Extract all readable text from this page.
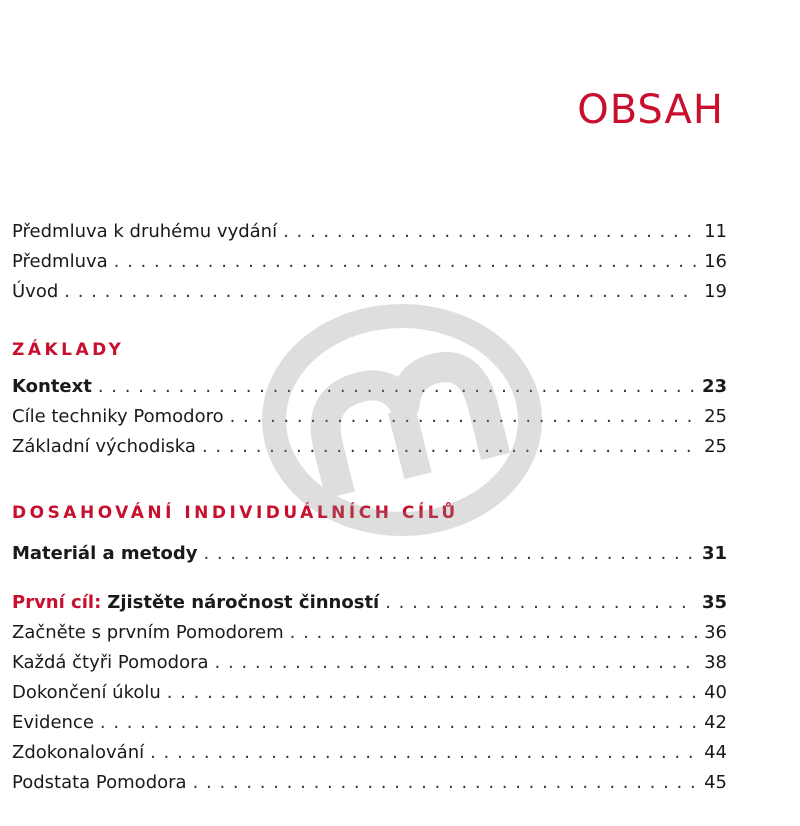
OBSAH
Předmluva k druhému vydání . . .	11
Předmluva . . .	16
Úvod . . .	19
ZÁKLADY
Kontext . . .	23
Cíle techniky Pomodoro . . .	25
Základní východiska . . .	25
DOSAHOVÁNÍ INDIVIDUÁLNÍCH CÍLŮ
Materiál a metody . . .	31
První cíl: Zjistěte náročnost činností . . .	35
Začněte s prvním Pomodorem . . .	36
Každá čtyři Pomodora . . .	38
Dokončení úkolu . . .	40
Evidence . . .	42
Zdokonalování . . .	44
Podstata Pomodora . . .	45
